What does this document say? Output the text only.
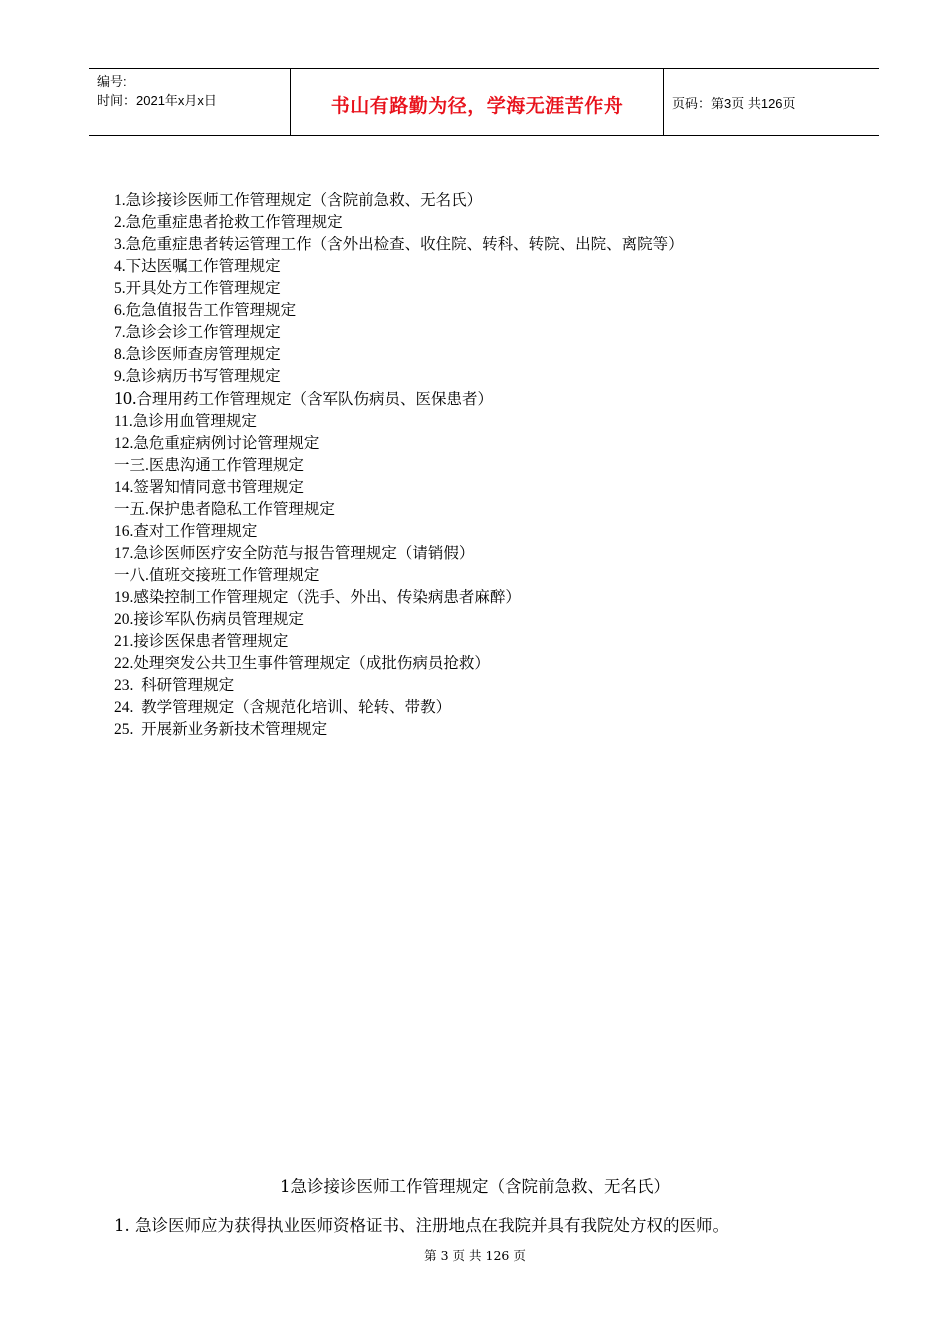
编号:
时间：2021年x月x日	书山有路勤为径，学海无涯苦作舟	页码：第3页 共126页
1.急诊接诊医师工作管理规定（含院前急救、无名氏）
2.急危重症患者抢救工作管理规定
3.急危重症患者转运管理工作（含外出检查、收住院、转科、转院、出院、离院等）
4.下达医嘱工作管理规定
5.开具处方工作管理规定
6.危急值报告工作管理规定
7.急诊会诊工作管理规定
8.急诊医师查房管理规定
9.急诊病历书写管理规定
10.合理用药工作管理规定（含军队伤病员、医保患者）
11.急诊用血管理规定
12.急危重症病例讨论管理规定
一三.医患沟通工作管理规定
14.签署知情同意书管理规定
一五.保护患者隐私工作管理规定
16.查对工作管理规定
17.急诊医师医疗安全防范与报告管理规定（请销假）
一八.值班交接班工作管理规定
19.感染控制工作管理规定（洗手、外出、传染病患者麻醉）
20.接诊军队伤病员管理规定
21.接诊医保患者管理规定
22.处理突发公共卫生事件管理规定（成批伤病员抢救）
23.  科研管理规定
24.  教学管理规定（含规范化培训、轮转、带教）
25.  开展新业务新技术管理规定
1急诊接诊医师工作管理规定（含院前急救、无名氏）
1. 急诊医师应为获得执业医师资格证书、注册地点在我院并具有我院处方权的医师。
第 3 页 共 126 页
